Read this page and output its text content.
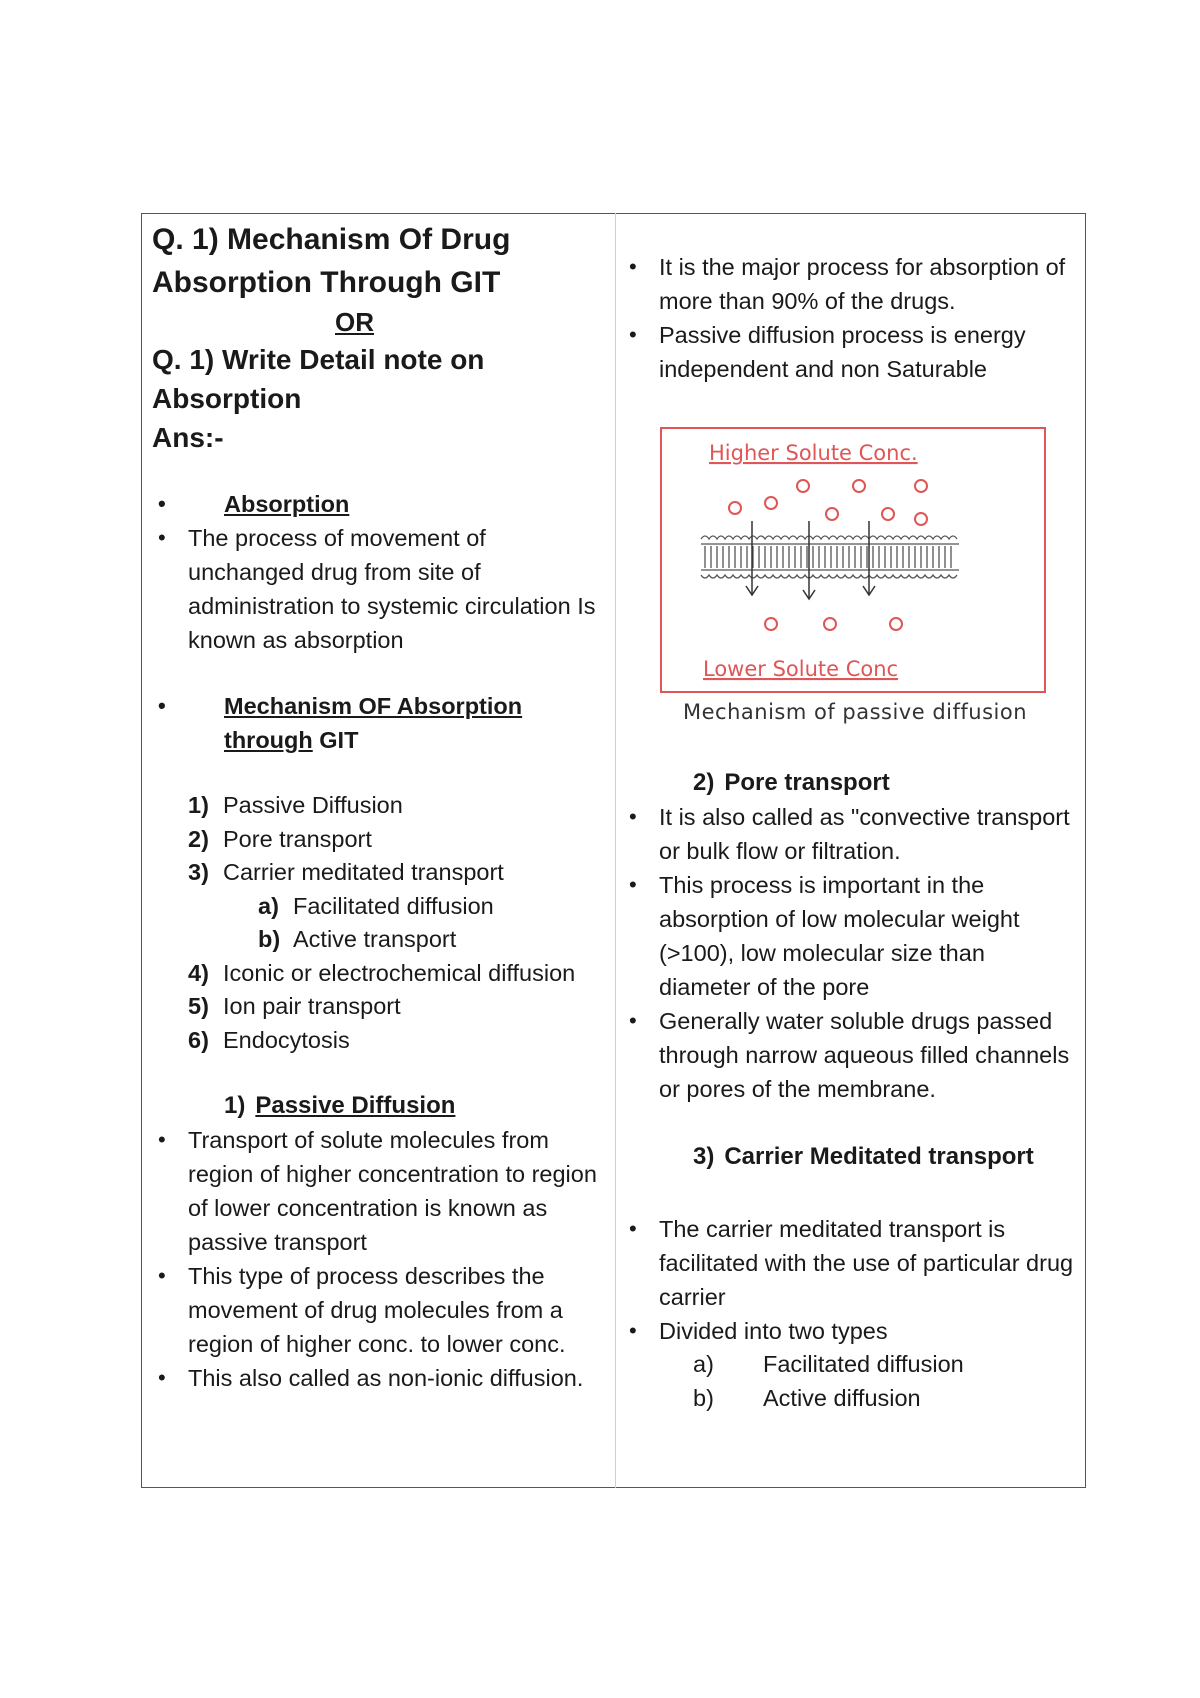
Q. 1) Mechanism Of Drug

Absorption Through GIT

OR

Q. 1) Write Detail note on

Absorption

Ans:-

• Absorption
• The process of movement of unchanged drug from site of administration to systemic circulation Is known as absorption
• Mechanism OF Absorption through GIT
1) Passive Diffusion
2) Pore transport
3) Carrier meditated transport
a) Facilitated diffusion
b) Active transport
4) Iconic or electrochemical diffusion
5) Ion pair transport
6) Endocytosis

1) Passive Diffusion

• Transport of solute molecules from region of higher concentration to region of lower concentration is known as passive transport
• This type of process describes the movement of drug molecules from a region of higher conc. to lower conc.
• This also called as non-ionic diffusion.
• It is the major process for absorption of more than 90% of the drugs.
• Passive diffusion process is energy independent and non Saturable
Higher Solute Conc.
Lower Solute Conc
Mechanism of passive diffusion

2) Pore transport

• It is also called as "convective transport or bulk flow or filtration.
• This process is important in the absorption of low molecular weight (>100), low molecular size than diameter of the pore
• Generally water soluble drugs passed through narrow aqueous filled channels or pores of the membrane.

3) Carrier Meditated transport

• The carrier meditated transport is facilitated with the use of particular drug carrier
• Divided into two types
a) Facilitated diffusion
b) Active diffusion
